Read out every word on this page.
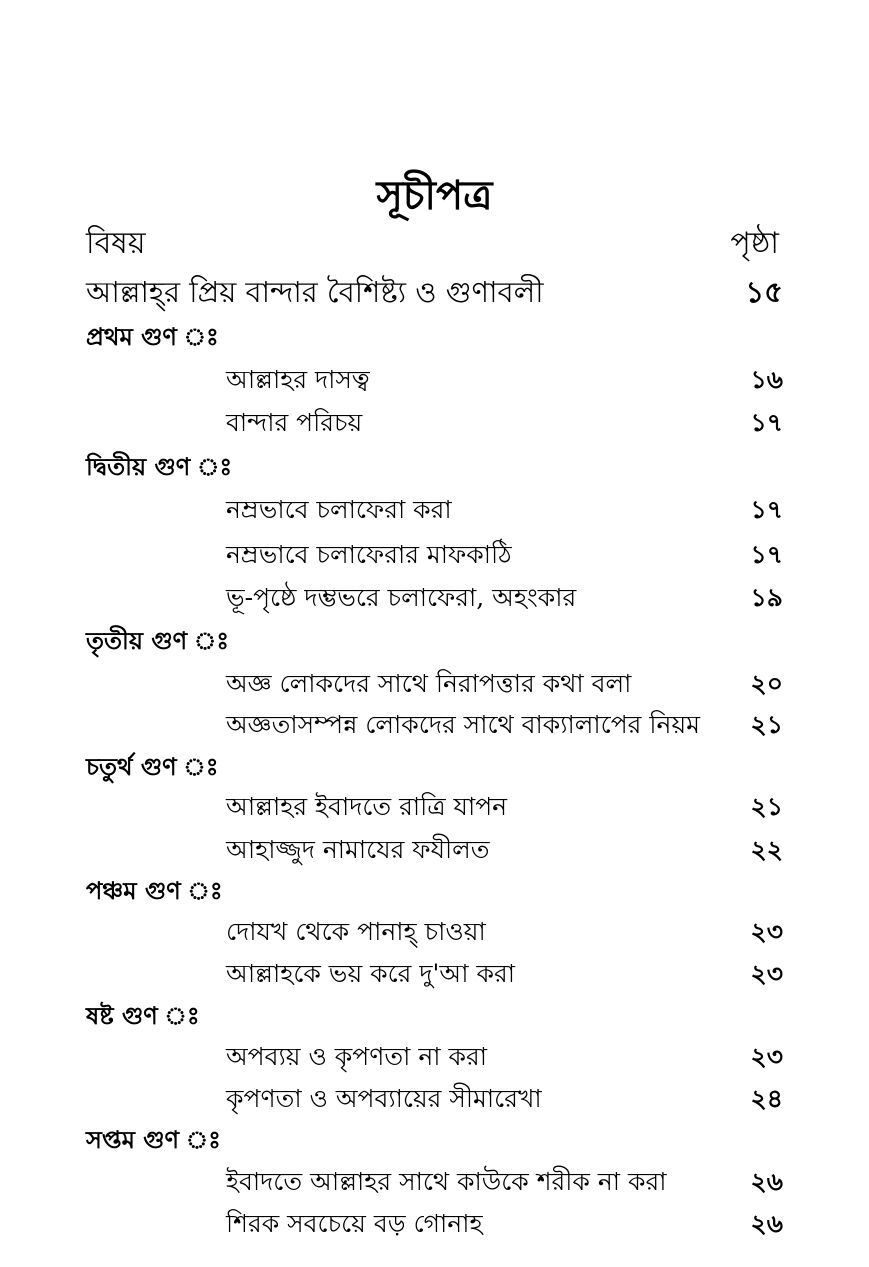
সূচীপত্র
বিষয়	পৃষ্ঠা
আল্লাহ্‌র প্রিয় বান্দার বৈশিষ্ট্য ও গুণাবলী	১৫
প্রথম গুণ ঃ
আল্লাহর দাসত্ব	১৬
বান্দার পরিচয়	১৭
দ্বিতীয় গুণ ঃ
নম্রভাবে চলাফেরা করা	১৭
নম্রভাবে চলাফেরার মাফকাঠি	১৭
ভূ-পৃষ্ঠে দম্ভভরে চলাফেরা, অহংকার	১৯
তৃতীয় গুণ ঃ
অজ্ঞ লোকদের সাথে নিরাপত্তার কথা বলা	২০
অজ্ঞতাসম্পন্ন লোকদের সাথে বাক্যালাপের নিয়ম ২১
চতুর্থ গুণ ঃ
আল্লাহর ইবাদতে রাত্রি যাপন	২১
আহাজ্জুদ নামাযের ফযীলত	২২
পঞ্চম গুণ ঃ
দোযখ থেকে পানাহ্‌ চাওয়া	২৩
আল্লাহকে ভয় করে দু'আ করা	২৩
ষষ্ট গুণ ঃ
অপব্যয় ও কৃপণতা না করা	২৩
কৃপণতা ও অপব্যায়ের সীমারেখা	২৪
সপ্তম গুণ ঃ
ইবাদতে আল্লাহর সাথে কাউকে শরীক না করা	২৬
শিরক সবচেয়ে বড় গোনাহ	২৬
